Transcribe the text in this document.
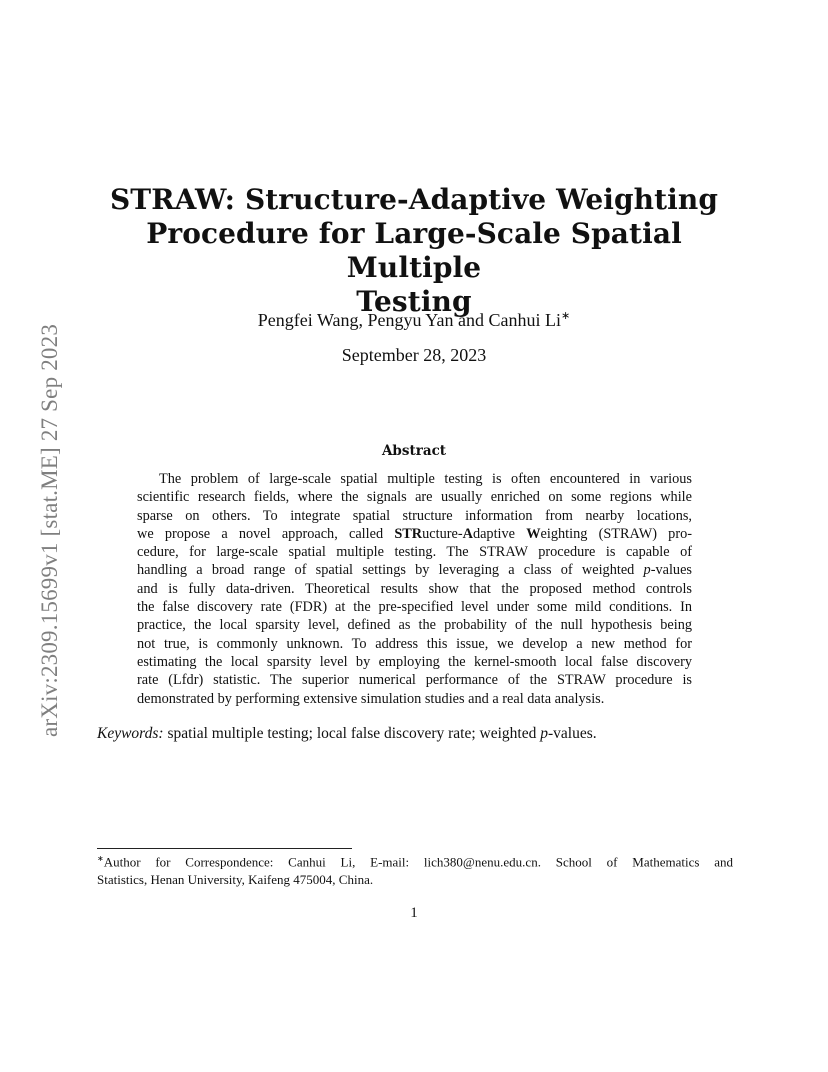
arXiv:2309.15699v1 [stat.ME] 27 Sep 2023
STRAW: Structure-Adaptive Weighting
Procedure for Large-Scale Spatial Multiple
Testing
Pengfei Wang, Pengyu Yan and Canhui Li∗
September 28, 2023
Abstract
The problem of large-scale spatial multiple testing is often encountered in various
scientific research fields, where the signals are usually enriched on some regions while
sparse on others. To integrate spatial structure information from nearby locations,
we propose a novel approach, called STRucture-Adaptive Weighting (STRAW) pro-
cedure, for large-scale spatial multiple testing. The STRAW procedure is capable of
handling a broad range of spatial settings by leveraging a class of weighted p-values
and is fully data-driven. Theoretical results show that the proposed method controls
the false discovery rate (FDR) at the pre-specified level under some mild conditions. In
practice, the local sparsity level, defined as the probability of the null hypothesis being
not true, is commonly unknown. To address this issue, we develop a new method for
estimating the local sparsity level by employing the kernel-smooth local false discovery
rate (Lfdr) statistic. The superior numerical performance of the STRAW procedure is
demonstrated by performing extensive simulation studies and a real data analysis.
Keywords: spatial multiple testing; local false discovery rate; weighted p-values.
∗Author for Correspondence: Canhui Li, E-mail: lich380@nenu.edu.cn. School of Mathematics and
Statistics, Henan University, Kaifeng 475004, China.
1
